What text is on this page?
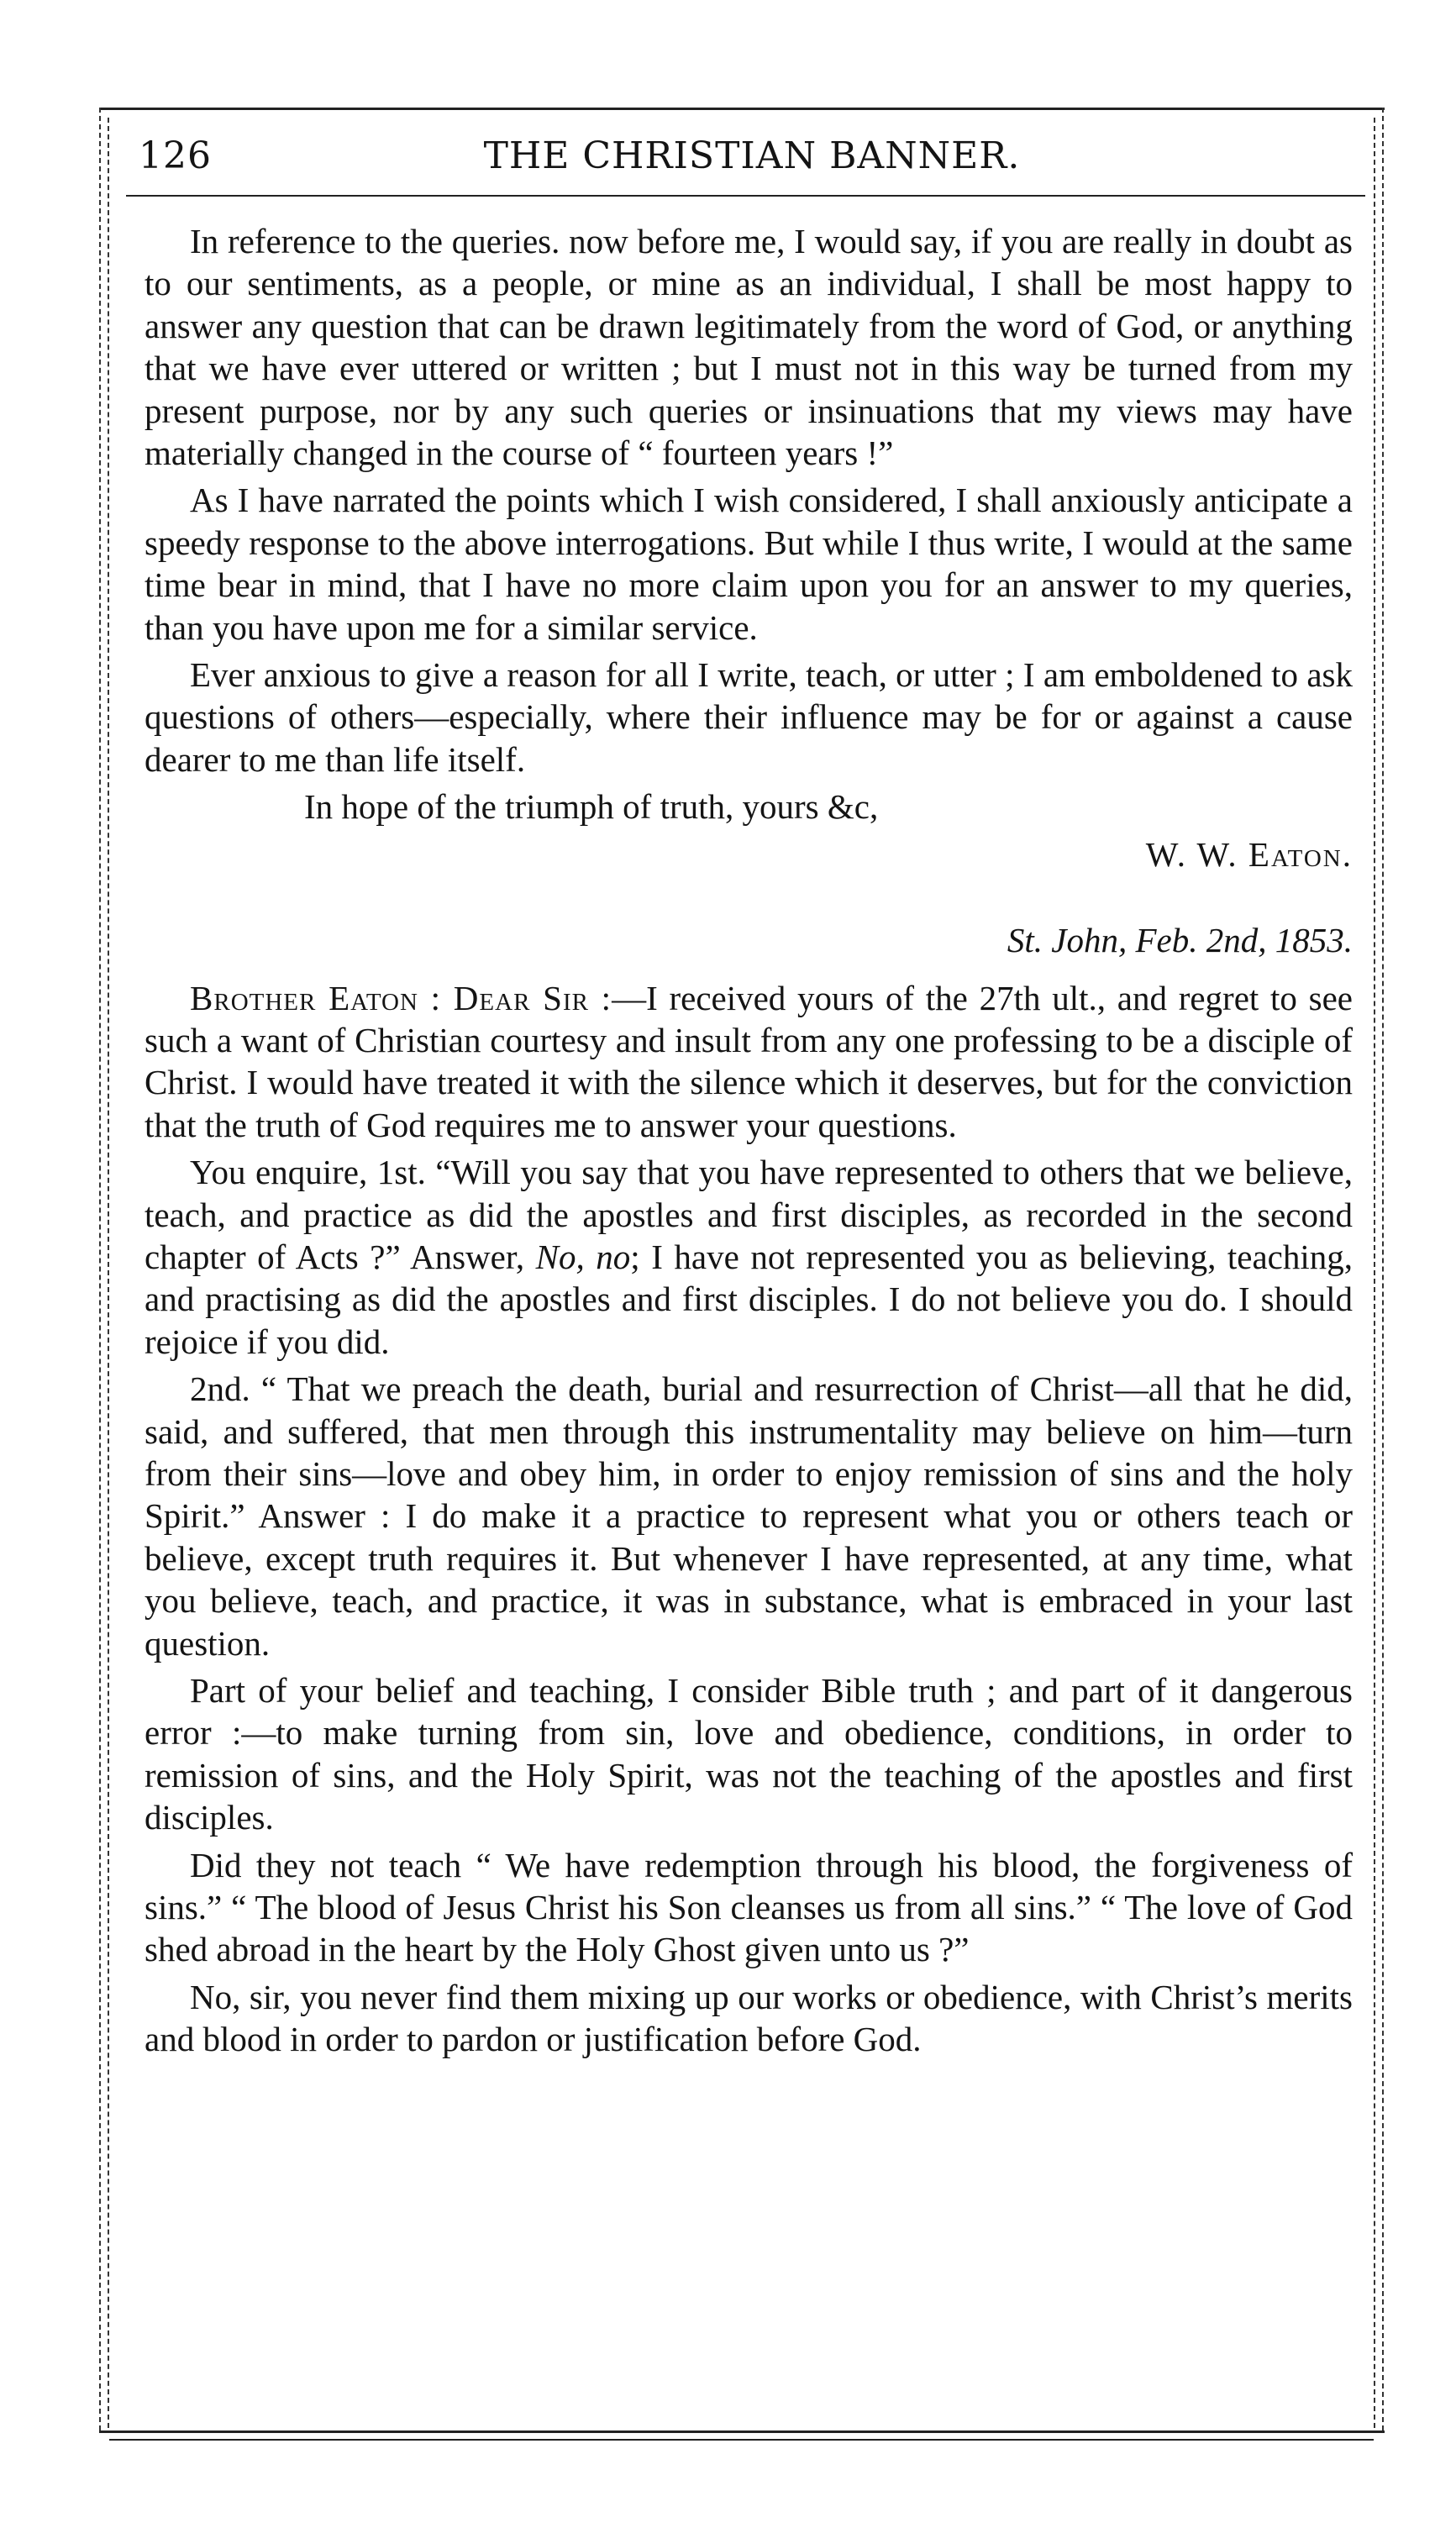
126	THE CHRISTIAN BANNER.

In reference to the queries. now before me, I would say, if you are really in doubt as to our sentiments, as a people, or mine as an individual, I shall be most happy to answer any question that can be drawn legitimately from the word of God, or anything that we have ever uttered or written ; but I must not in this way be turned from my present purpose, nor by any such queries or insinuations that my views may have materially changed in the course of “ fourteen years !”

As I have narrated the points which I wish considered, I shall anxiously anticipate a speedy response to the above interrogations. But while I thus write, I would at the same time bear in mind, that I have no more claim upon you for an answer to my queries, than you have upon me for a similar service.

Ever anxious to give a reason for all I write, teach, or utter ; I am emboldened to ask questions of others—especially, where their influence may be for or against a cause dearer to me than life itself.

In hope of the triumph of truth, yours &c,

W. W. Eaton.
St. John, Feb. 2nd, 1853.

Brother Eaton : Dear Sir :—I received yours of the 27th ult., and regret to see such a want of Christian courtesy and insult from any one professing to be a disciple of Christ. I would have treated it with the silence which it deserves, but for the conviction that the truth of God requires me to answer your questions.

You enquire, 1st. “Will you say that you have represented to others that we believe, teach, and practice as did the apostles and first disciples, as recorded in the second chapter of Acts ?” Answer, No, no; I have not represented you as believing, teaching, and practising as did the apostles and first disciples. I do not believe you do. I should rejoice if you did.

2nd. “ That we preach the death, burial and resurrection of Christ—all that he did, said, and suffered, that men through this instrumentality may believe on him—turn from their sins—love and obey him, in order to enjoy remission of sins and the holy Spirit.” Answer : I do make it a practice to represent what you or others teach or believe, except truth requires it. But whenever I have represented, at any time, what you believe, teach, and practice, it was in substance, what is embraced in your last question.

Part of your belief and teaching, I consider Bible truth ; and part of it dangerous error :—to make turning from sin, love and obedience, conditions, in order to remission of sins, and the Holy Spirit, was not the teaching of the apostles and first disciples.

Did they not teach “ We have redemption through his blood, the forgiveness of sins.” “ The blood of Jesus Christ his Son cleanses us from all sins.” “ The love of God shed abroad in the heart by the Holy Ghost given unto us ?”

No, sir, you never find them mixing up our works or obedience, with Christ’s merits and blood in order to pardon or justification before God.
